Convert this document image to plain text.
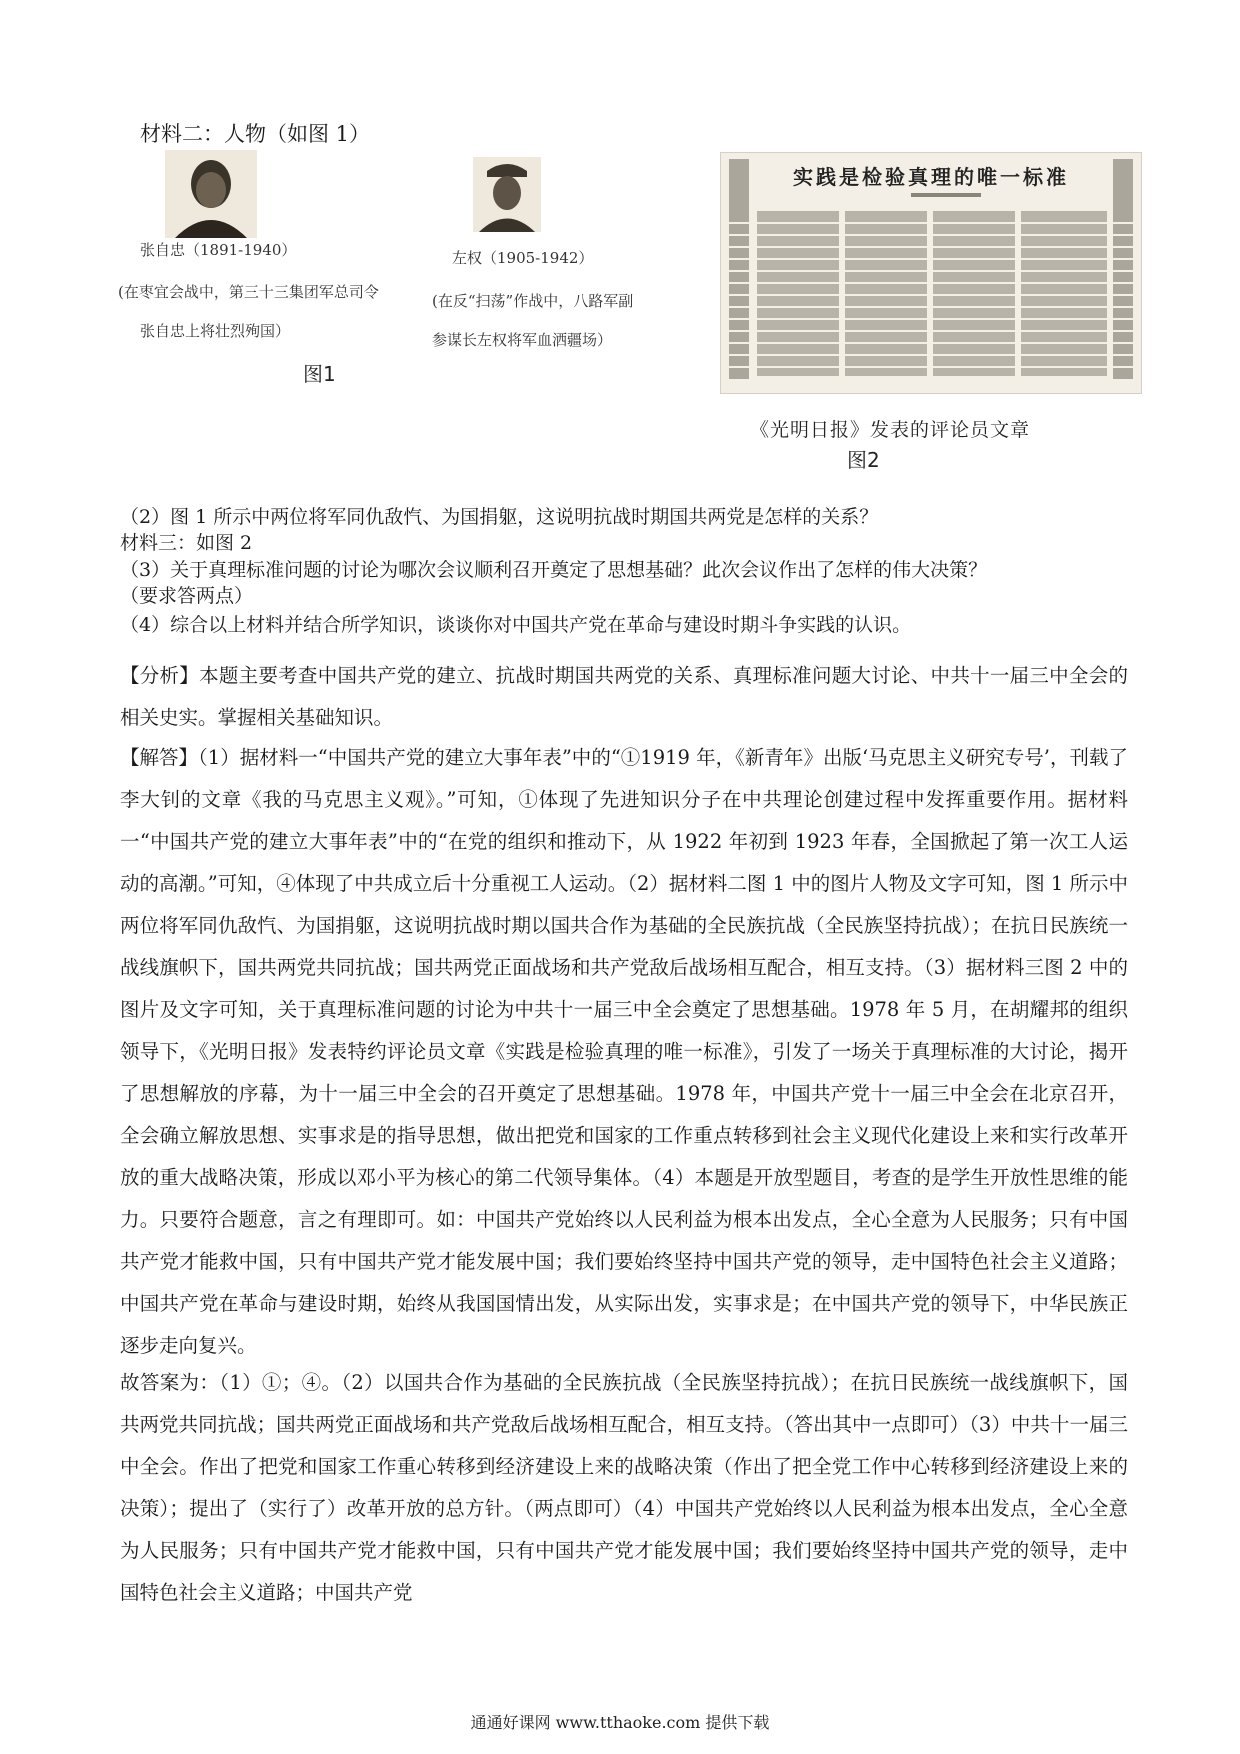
材料二：人物（如图 1）
张自忠（1891-1940）
(在枣宜会战中，第三十三集团军总司令
张自忠上将壮烈殉国）
左权（1905-1942）
(在反“扫荡”作战中，八路军副
参谋长左权将军血洒疆场）
图1
实践是检验真理的唯一标准
《光明日报》发表的评论员文章
图2
（2）图 1 所示中两位将军同仇敌忾、为国捐躯，这说明抗战时期国共两党是怎样的关系？
材料三：如图 2
（3）关于真理标准问题的讨论为哪次会议顺利召开奠定了思想基础？此次会议作出了怎样的伟大决策？
（要求答两点）
（4）综合以上材料并结合所学知识，谈谈你对中国共产党在革命与建设时期斗争实践的认识。

【分析】本题主要考查中国共产党的建立、抗战时期国共两党的关系、真理标准问题大讨论、中共十一届三中全会的相关史实。掌握相关基础知识。

【解答】（1）据材料一“中国共产党的建立大事年表”中的“①1919 年，《新青年》出版‘马克思主义研究专号’，刊载了李大钊的文章《我的马克思主义观》。”可知，①体现了先进知识分子在中共理论创建过程中发挥重要作用。据材料一“中国共产党的建立大事年表”中的“在党的组织和推动下，从 1922 年初到 1923 年春，全国掀起了第一次工人运动的高潮。”可知，④体现了中共成立后十分重视工人运动。（2）据材料二图 1 中的图片人物及文字可知，图 1 所示中两位将军同仇敌忾、为国捐躯，这说明抗战时期以国共合作为基础的全民族抗战（全民族坚持抗战）；在抗日民族统一战线旗帜下，国共两党共同抗战；国共两党正面战场和共产党敌后战场相互配合，相互支持。（3）据材料三图 2 中的图片及文字可知，关于真理标准问题的讨论为中共十一届三中全会奠定了思想基础。1978 年 5 月，在胡耀邦的组织领导下，《光明日报》发表特约评论员文章《实践是检验真理的唯一标准》，引发了一场关于真理标准的大讨论，揭开了思想解放的序幕，为十一届三中全会的召开奠定了思想基础。1978 年，中国共产党十一届三中全会在北京召开，全会确立解放思想、实事求是的指导思想，做出把党和国家的工作重点转移到社会主义现代化建设上来和实行改革开放的重大战略决策，形成以邓小平为核心的第二代领导集体。（4）本题是开放型题目，考查的是学生开放性思维的能力。只要符合题意，言之有理即可。如：中国共产党始终以人民利益为根本出发点，全心全意为人民服务；只有中国共产党才能救中国，只有中国共产党才能发展中国；我们要始终坚持中国共产党的领导，走中国特色社会主义道路；中国共产党在革命与建设时期，始终从我国国情出发，从实际出发，实事求是；在中国共产党的领导下，中华民族正逐步走向复兴。

故答案为：（1）①；④。（2）以国共合作为基础的全民族抗战（全民族坚持抗战）；在抗日民族统一战线旗帜下，国共两党共同抗战；国共两党正面战场和共产党敌后战场相互配合，相互支持。（答出其中一点即可）（3）中共十一届三中全会。作出了把党和国家工作重心转移到经济建设上来的战略决策（作出了把全党工作中心转移到经济建设上来的决策）；提出了（实行了）改革开放的总方针。（两点即可）（4）中国共产党始终以人民利益为根本出发点，全心全意为人民服务；只有中国共产党才能救中国，只有中国共产党才能发展中国；我们要始终坚持中国共产党的领导，走中国特色社会主义道路；中国共产党

通通好课网 www.tthaoke.com 提供下载
